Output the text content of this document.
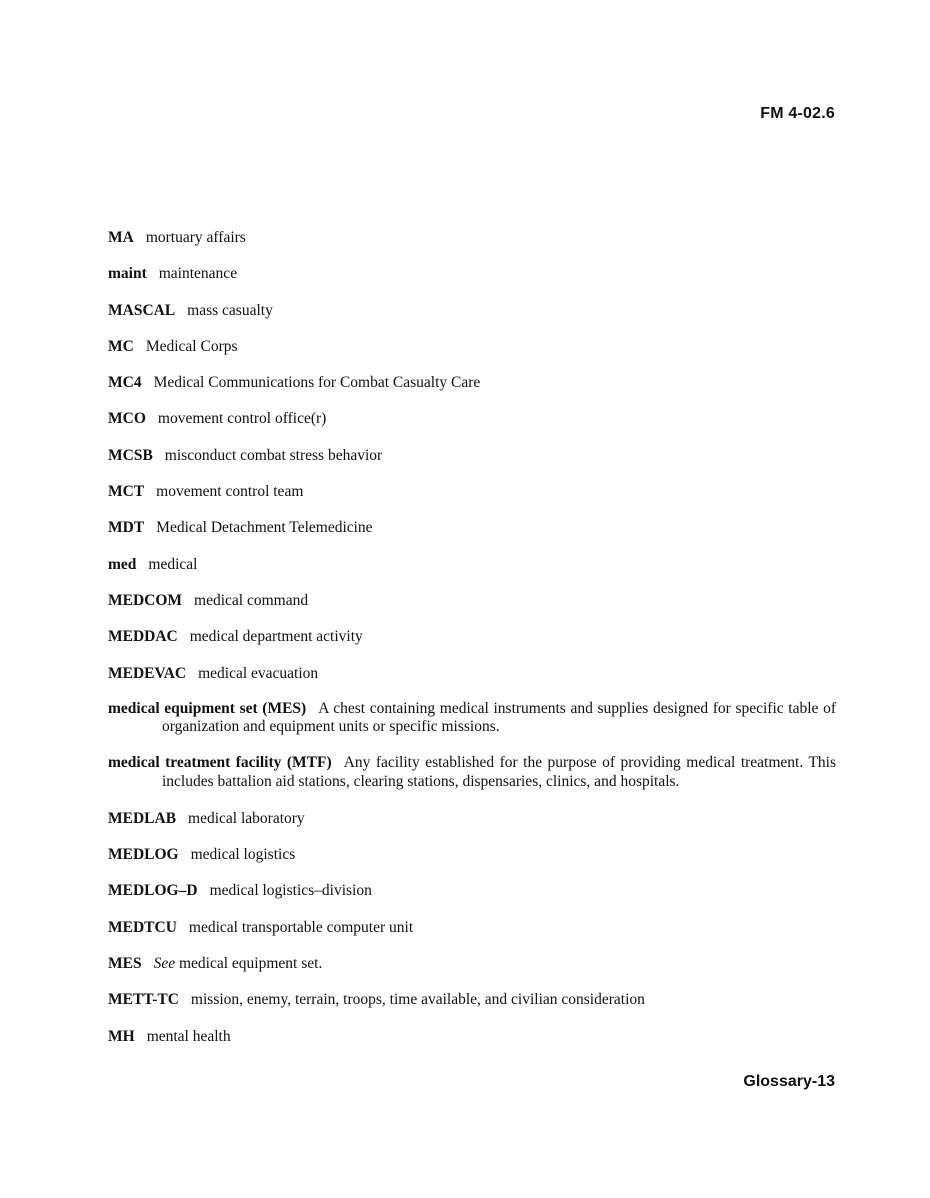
FM 4-02.6
MA mortuary affairs
maint maintenance
MASCAL mass casualty
MC Medical Corps
MC4 Medical Communications for Combat Casualty Care
MCO movement control office(r)
MCSB misconduct combat stress behavior
MCT movement control team
MDT Medical Detachment Telemedicine
med medical
MEDCOM medical command
MEDDAC medical department activity
MEDEVAC medical evacuation
medical equipment set (MES) A chest containing medical instruments and supplies designed for specific table of organization and equipment units or specific missions.
medical treatment facility (MTF) Any facility established for the purpose of providing medical treatment. This includes battalion aid stations, clearing stations, dispensaries, clinics, and hospitals.
MEDLAB medical laboratory
MEDLOG medical logistics
MEDLOG–D medical logistics–division
MEDTCU medical transportable computer unit
MES See medical equipment set.
METT-TC mission, enemy, terrain, troops, time available, and civilian consideration
MH mental health
Glossary-13
